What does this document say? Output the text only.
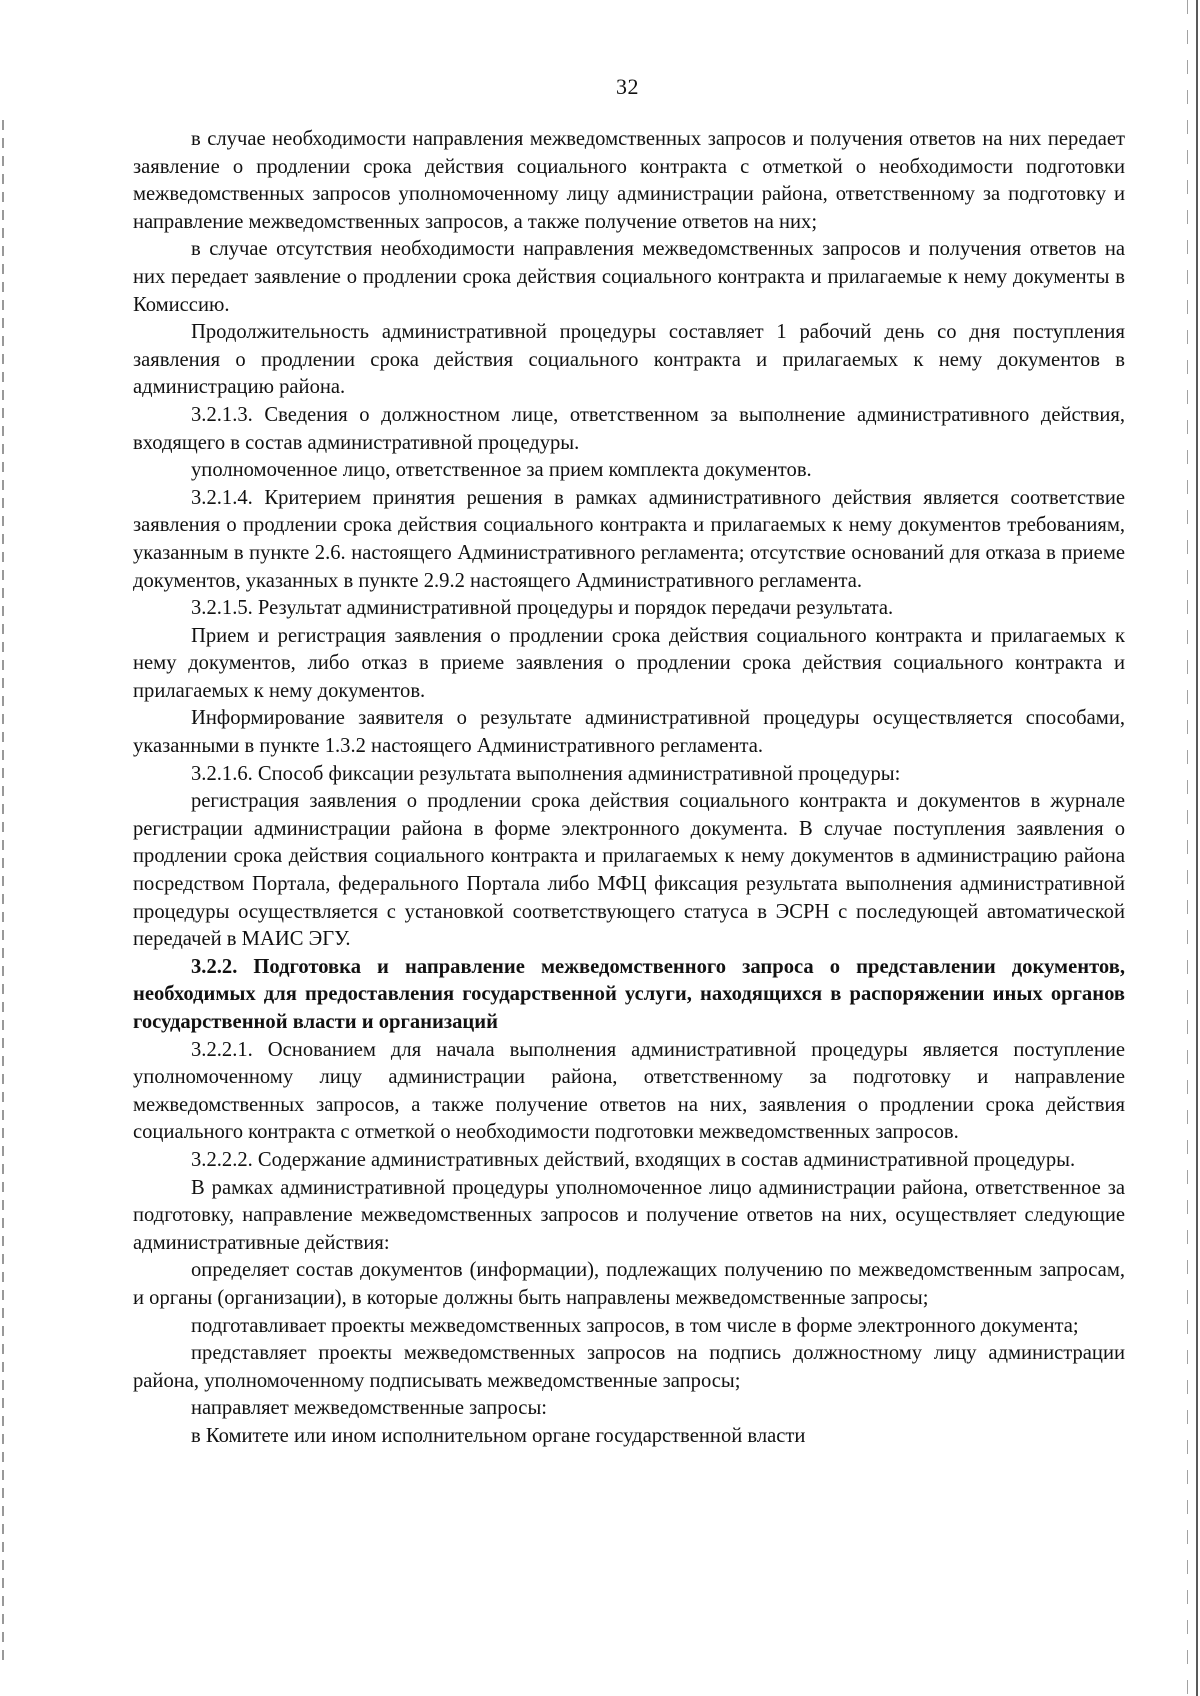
32

в случае необходимости направления межведомственных запросов и получения ответов на них передает заявление о продлении срока действия социального контракта с отметкой о необходимости подготовки межведомственных запросов уполномоченному лицу администрации района, ответственному за подготовку и направление межведомственных запросов, а также получение ответов на них;

в случае отсутствия необходимости направления межведомственных запросов и получения ответов на них передает заявление о продлении срока действия социального контракта и прилагаемые к нему документы в Комиссию.

Продолжительность административной процедуры составляет 1 рабочий день со дня поступления заявления о продлении срока действия социального контракта и прилагаемых к нему документов в администрацию района.

3.2.1.3. Сведения о должностном лице, ответственном за выполнение административного действия, входящего в состав административной процедуры.

уполномоченное лицо, ответственное за прием комплекта документов.

3.2.1.4. Критерием принятия решения в рамках административного действия является соответствие заявления о продлении срока действия социального контракта и прилагаемых к нему документов требованиям, указанным в пункте 2.6. настоящего Административного регламента; отсутствие оснований для отказа в приеме документов, указанных в пункте 2.9.2 настоящего Административного регламента.

3.2.1.5. Результат административной процедуры и порядок передачи результата.

Прием и регистрация заявления о продлении срока действия социального контракта и прилагаемых к нему документов, либо отказ в приеме заявления о продлении срока действия социального контракта и прилагаемых к нему документов.

Информирование заявителя о результате административной процедуры осуществляется способами, указанными в пункте 1.3.2 настоящего Административного регламента.

3.2.1.6. Способ фиксации результата выполнения административной процедуры:

регистрация заявления о продлении срока действия социального контракта и документов в журнале регистрации администрации района в форме электронного документа. В случае поступления заявления о продлении срока действия социального контракта и прилагаемых к нему документов в администрацию района посредством Портала, федерального Портала либо МФЦ фиксация результата выполнения административной процедуры осуществляется с установкой соответствующего статуса в ЭСРН с последующей автоматической передачей в МАИС ЭГУ.

3.2.2. Подготовка и направление межведомственного запроса о представлении документов, необходимых для предоставления государственной услуги, находящихся в распоряжении иных органов государственной власти и организаций

3.2.2.1. Основанием для начала выполнения административной процедуры является поступление уполномоченному лицу администрации района, ответственному за подготовку и направление межведомственных запросов, а также получение ответов на них, заявления о продлении срока действия социального контракта с отметкой о необходимости подготовки межведомственных запросов.

3.2.2.2. Содержание административных действий, входящих в состав административной процедуры.

В рамках административной процедуры уполномоченное лицо администрации района, ответственное за подготовку, направление межведомственных запросов и получение ответов на них, осуществляет следующие административные действия:

определяет состав документов (информации), подлежащих получению по межведомственным запросам, и органы (организации), в которые должны быть направлены межведомственные запросы;

подготавливает проекты межведомственных запросов, в том числе в форме электронного документа;

представляет проекты межведомственных запросов на подпись должностному лицу администрации района, уполномоченному подписывать межведомственные запросы;

направляет межведомственные запросы:

в Комитете или ином исполнительном органе государственной власти
